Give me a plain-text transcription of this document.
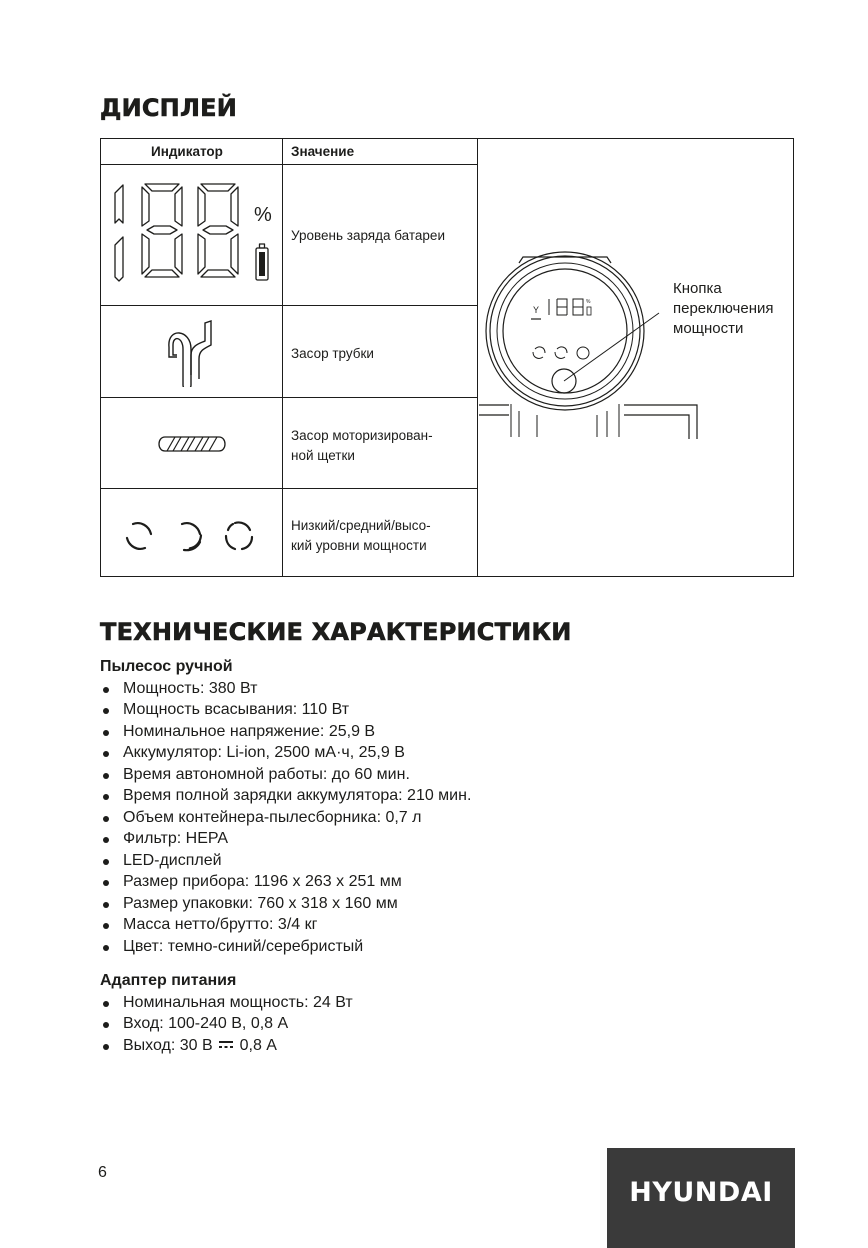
ДИСПЛЕЙ
Индикатор	Значение
%
Уровень заряда батареи
Засор трубки
Засор моторизирован-
ной щетки
Низкий/средний/высо-
кий уровни мощности
Y
%
Кнопка
переключения
мощности
ТЕХНИЧЕСКИЕ ХАРАКТЕРИСТИКИ

Пылесос ручной

Мощность: 380 Вт
Мощность всасывания: 110 Вт
Номинальное напряжение: 25,9 В
Аккумулятор: Li-ion, 2500 мА·ч, 25,9 В
Время автономной работы: до 60 мин.
Время полной зарядки аккумулятора: 210 мин.
Объем контейнера-пылесборника: 0,7 л
Фильтр: HEPA
LED-дисплей
Размер прибора: 1196 х 263 х 251 мм
Размер упаковки: 760 х 318 х 160 мм
Масса нетто/брутто: 3/4 кг
Цвет: темно-синий/серебристый

Адаптер питания

Номинальная мощность: 24 Вт
Вход: 100-240 В, 0,8 А
Выход: 30 В 0,8 А
6
HYUNDAI
